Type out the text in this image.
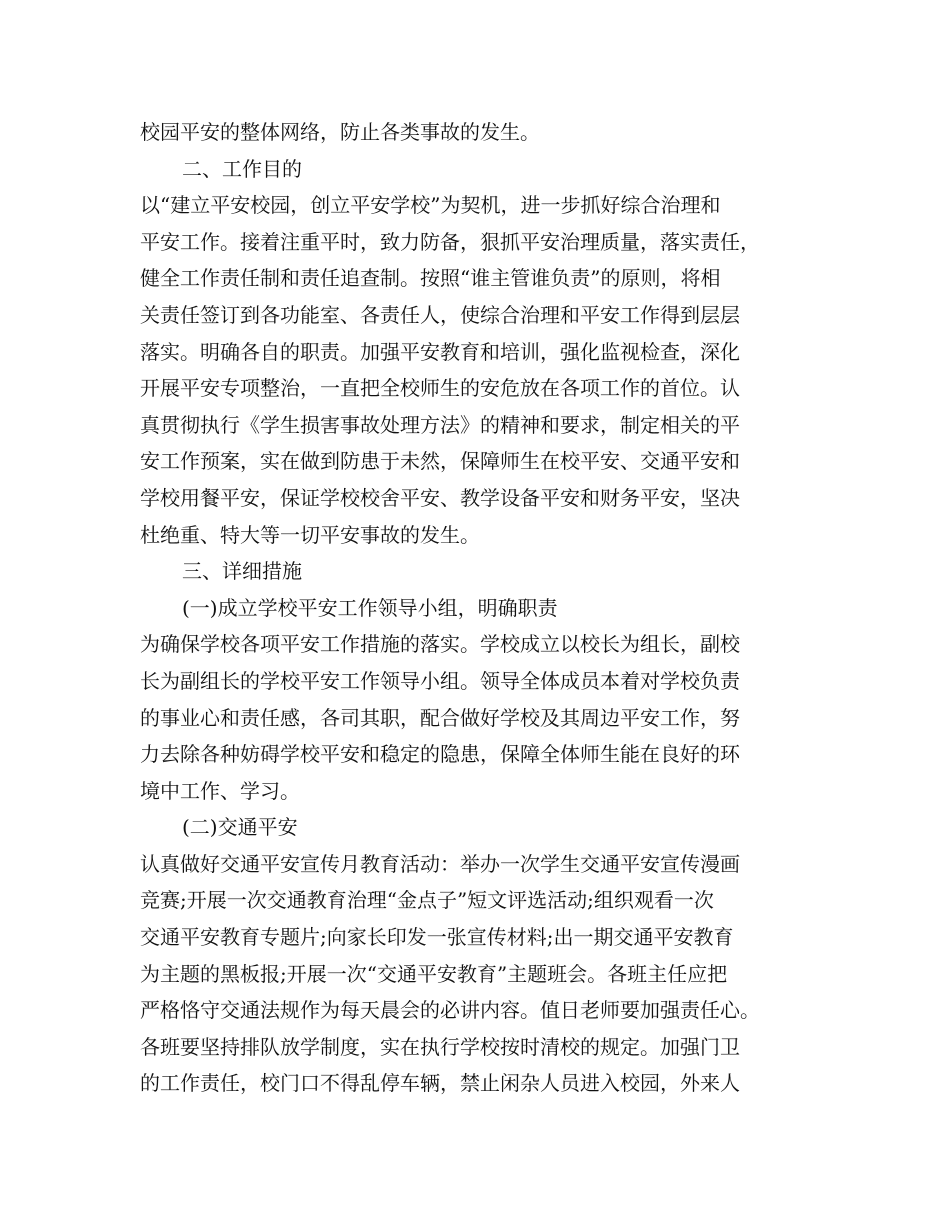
校园平安的整体网络，防止各类事故的发生。
二、工作目的
以“建立平安校园，创立平安学校”为契机，进一步抓好综合治理和
平安工作。接着注重平时，致力防备，狠抓平安治理质量，落实责任，
健全工作责任制和责任追查制。按照“谁主管谁负责”的原则，将相
关责任签订到各功能室、各责任人，使综合治理和平安工作得到层层
落实。明确各自的职责。加强平安教育和培训，强化监视检查，深化
开展平安专项整治，一直把全校师生的安危放在各项工作的首位。认
真贯彻执行《学生损害事故处理方法》的精神和要求，制定相关的平
安工作预案，实在做到防患于未然，保障师生在校平安、交通平安和
学校用餐平安，保证学校校舍平安、教学设备平安和财务平安，坚决
杜绝重、特大等一切平安事故的发生。
三、详细措施
(一)成立学校平安工作领导小组，明确职责
为确保学校各项平安工作措施的落实。学校成立以校长为组长，副校
长为副组长的学校平安工作领导小组。领导全体成员本着对学校负责
的事业心和责任感，各司其职，配合做好学校及其周边平安工作，努
力去除各种妨碍学校平安和稳定的隐患，保障全体师生能在良好的环
境中工作、学习。
(二)交通平安
认真做好交通平安宣传月教育活动：举办一次学生交通平安宣传漫画
竞赛;开展一次交通教育治理“金点子”短文评选活动;组织观看一次
交通平安教育专题片;向家长印发一张宣传材料;出一期交通平安教育
为主题的黑板报;开展一次“交通平安教育”主题班会。各班主任应把
严格恪守交通法规作为每天晨会的必讲内容。值日老师要加强责任心。
各班要坚持排队放学制度，实在执行学校按时清校的规定。加强门卫
的工作责任，校门口不得乱停车辆，禁止闲杂人员进入校园，外来人
